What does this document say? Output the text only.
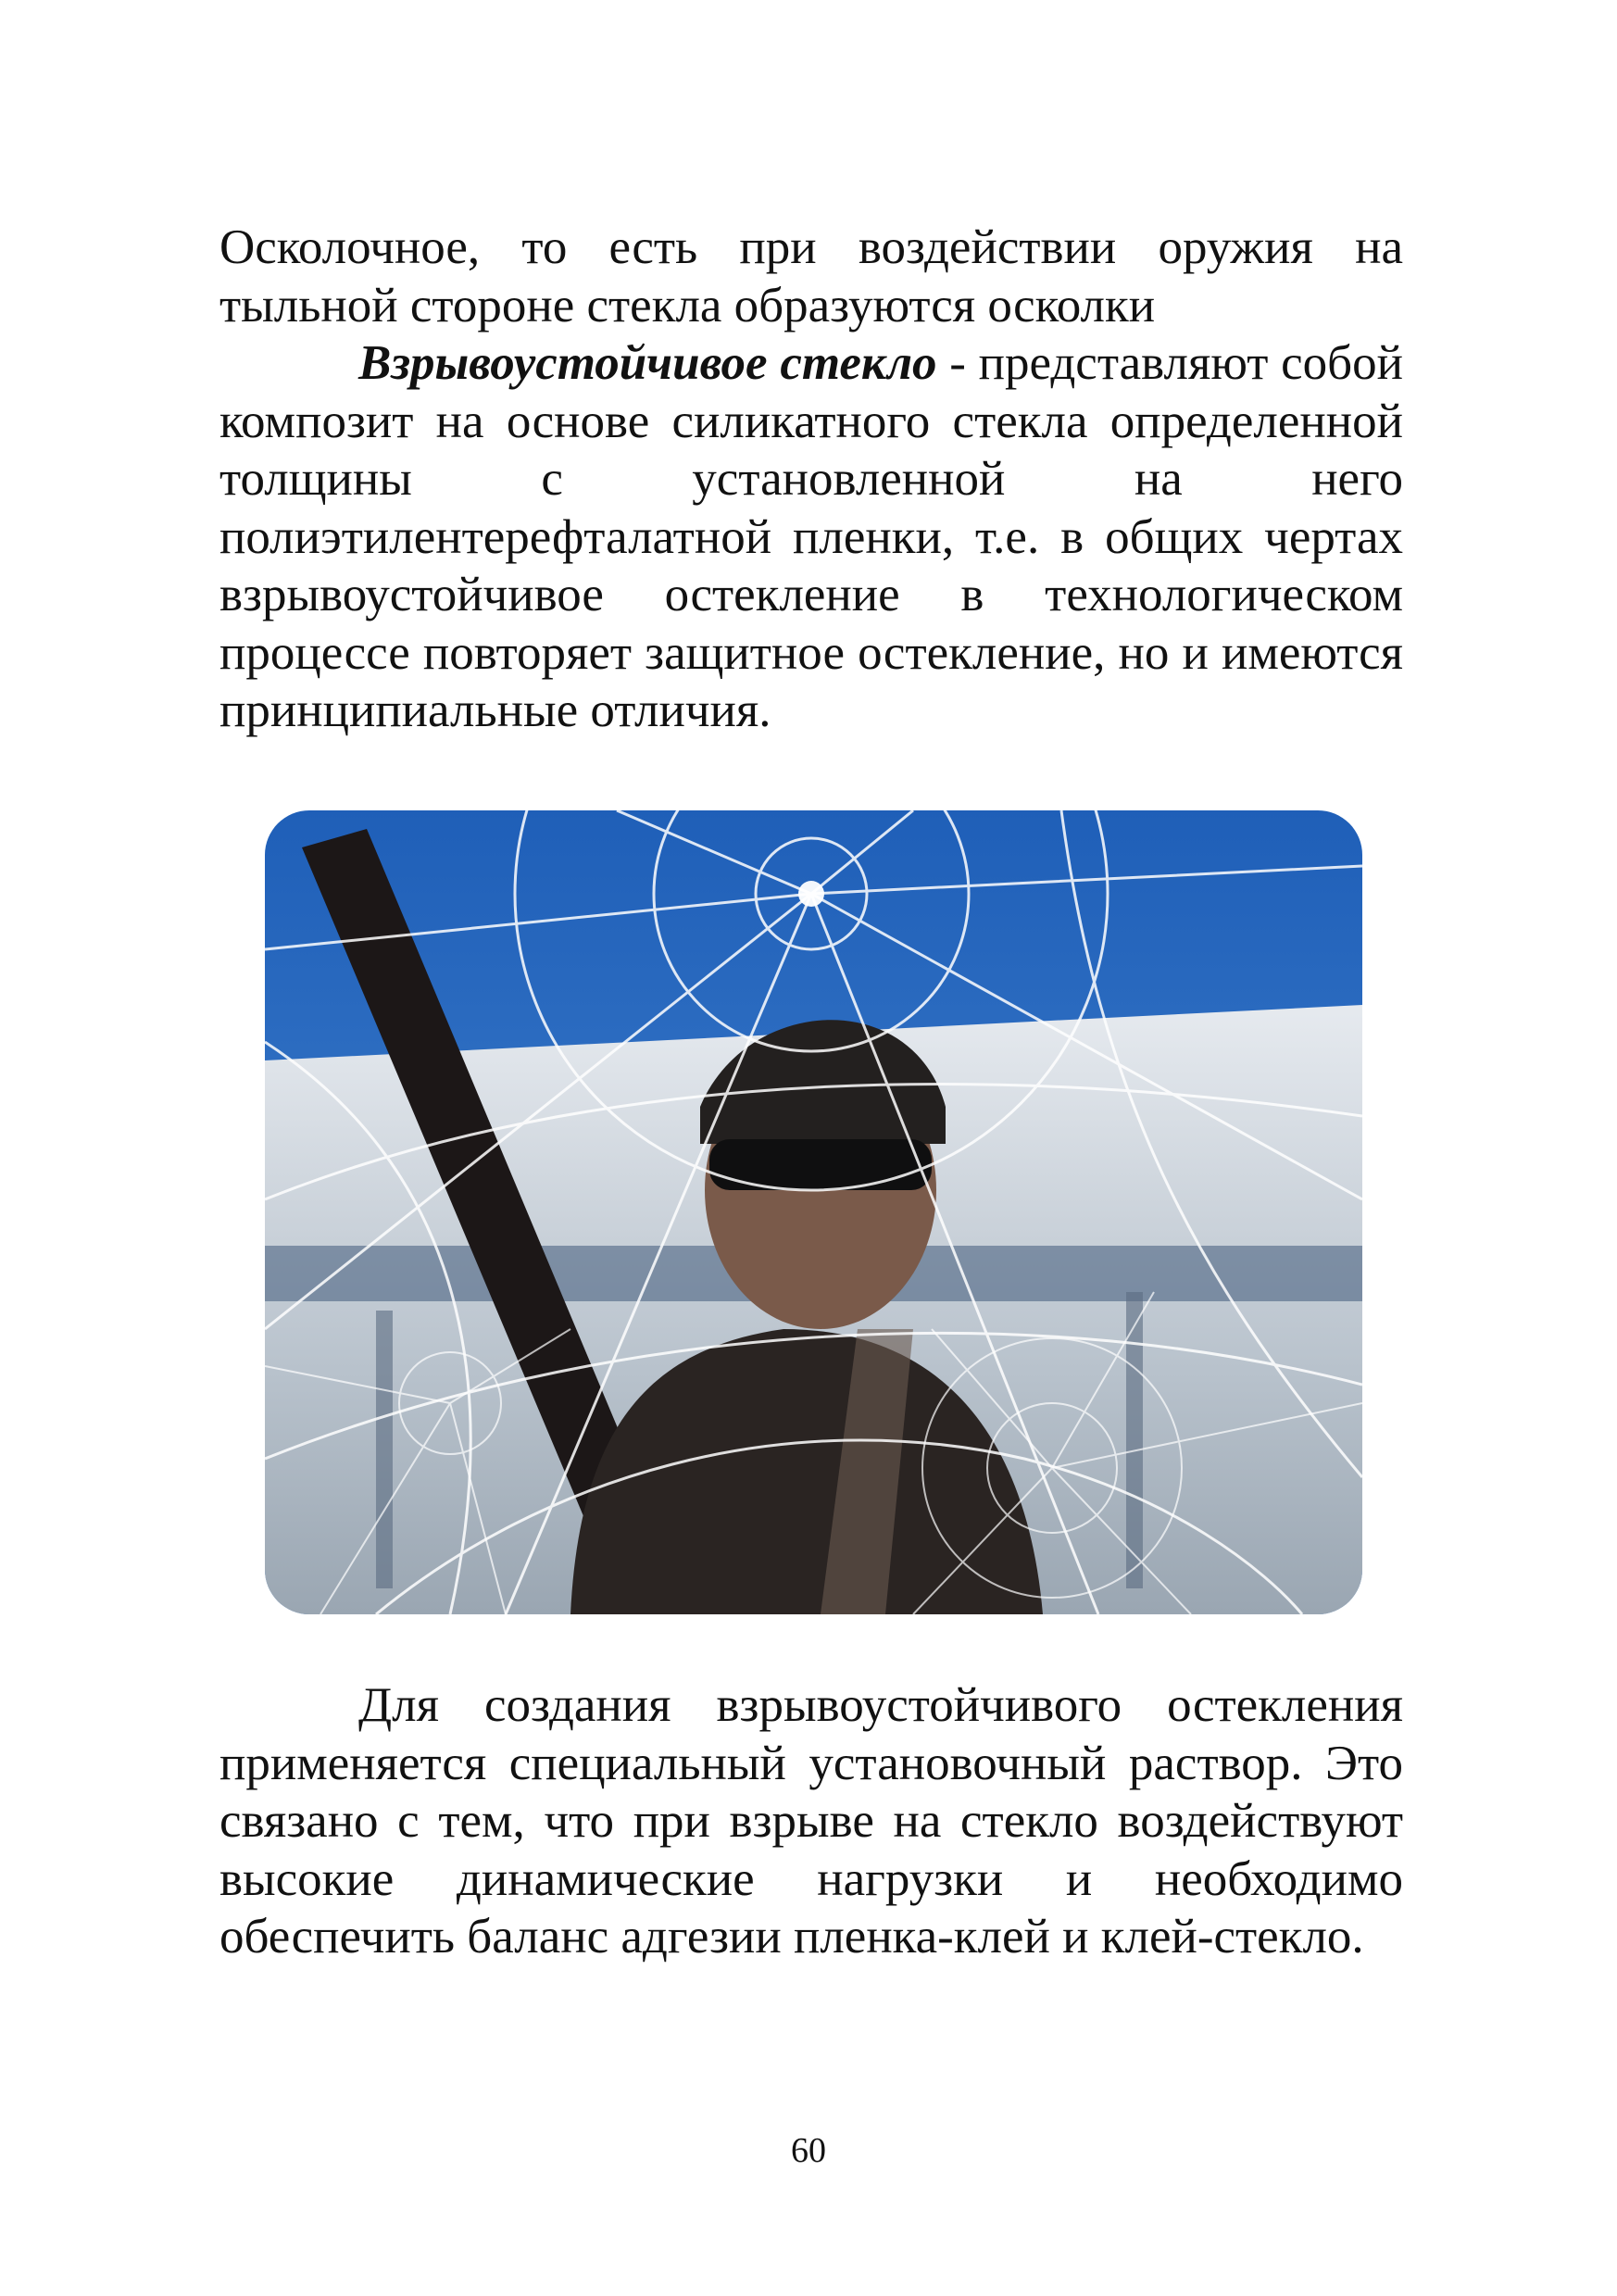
Осколочное, то есть при воздействии оружия на тыльной стороне стекла образуются осколки

Взрывоустойчивое стекло - представляют собой композит на основе силикатного стекла определенной толщины с установленной на него полиэтилентерефталатной пленки, т.е. в общих чертах взрывоустойчивое остекление в технологическом процессе повторяет защитное остекление, но и имеются принципиальные отличия.

Для создания взрывоустойчивого остекления применяется специальный установочный раствор. Это связано с тем, что при взрыве на стекло воздействуют высокие динамические нагрузки и необходимо обеспечить баланс адгезии пленка-клей и клей-стекло.

60
